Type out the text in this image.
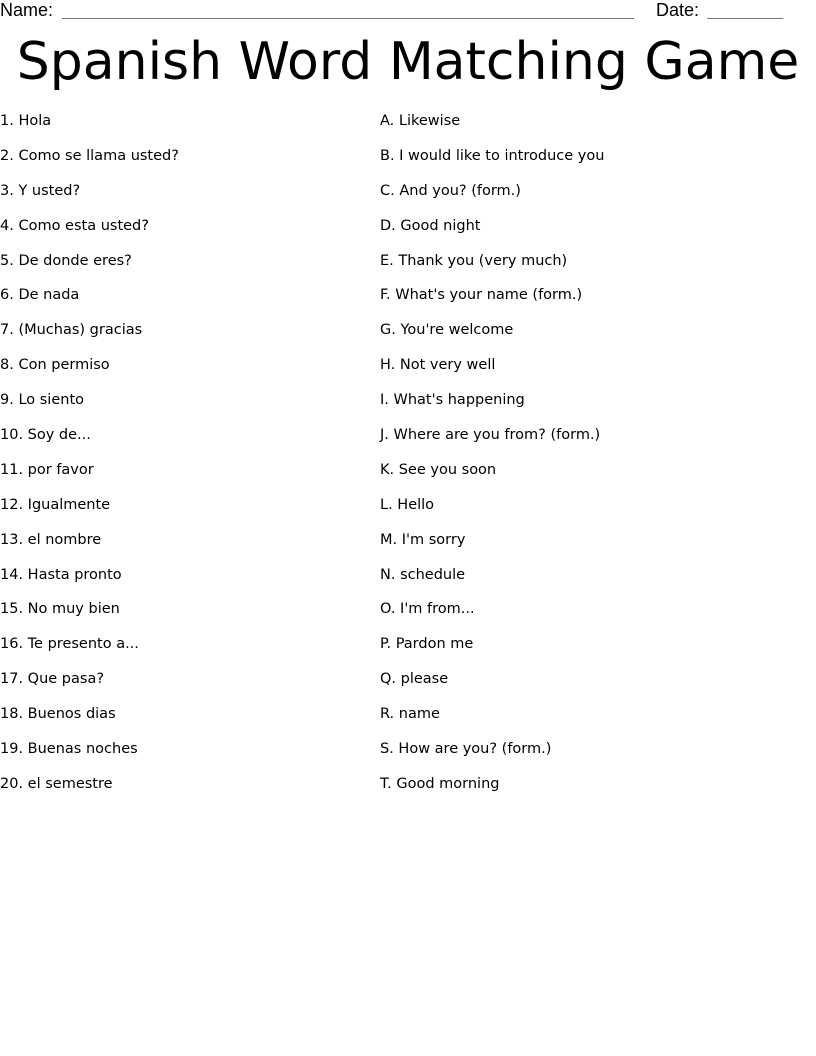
Name:	Date:
Spanish Word Matching Game
1. Hola
2. Como se llama usted?
3. Y usted?
4. Como esta usted?
5. De donde eres?
6. De nada
7. (Muchas) gracias
8. Con permiso
9. Lo siento
10. Soy de...
11. por favor
12. Igualmente
13. el nombre
14. Hasta pronto
15. No muy bien
16. Te presento a...
17. Que pasa?
18. Buenos dias
19. Buenas noches
20. el semestre
A. Likewise
B. I would like to introduce you
C. And you? (form.)
D. Good night
E. Thank you (very much)
F. What's your name (form.)
G. You're welcome
H. Not very well
I. What's happening
J. Where are you from? (form.)
K. See you soon
L. Hello
M. I'm sorry
N. schedule
O. I'm from...
P. Pardon me
Q. please
R. name
S. How are you? (form.)
T. Good morning
